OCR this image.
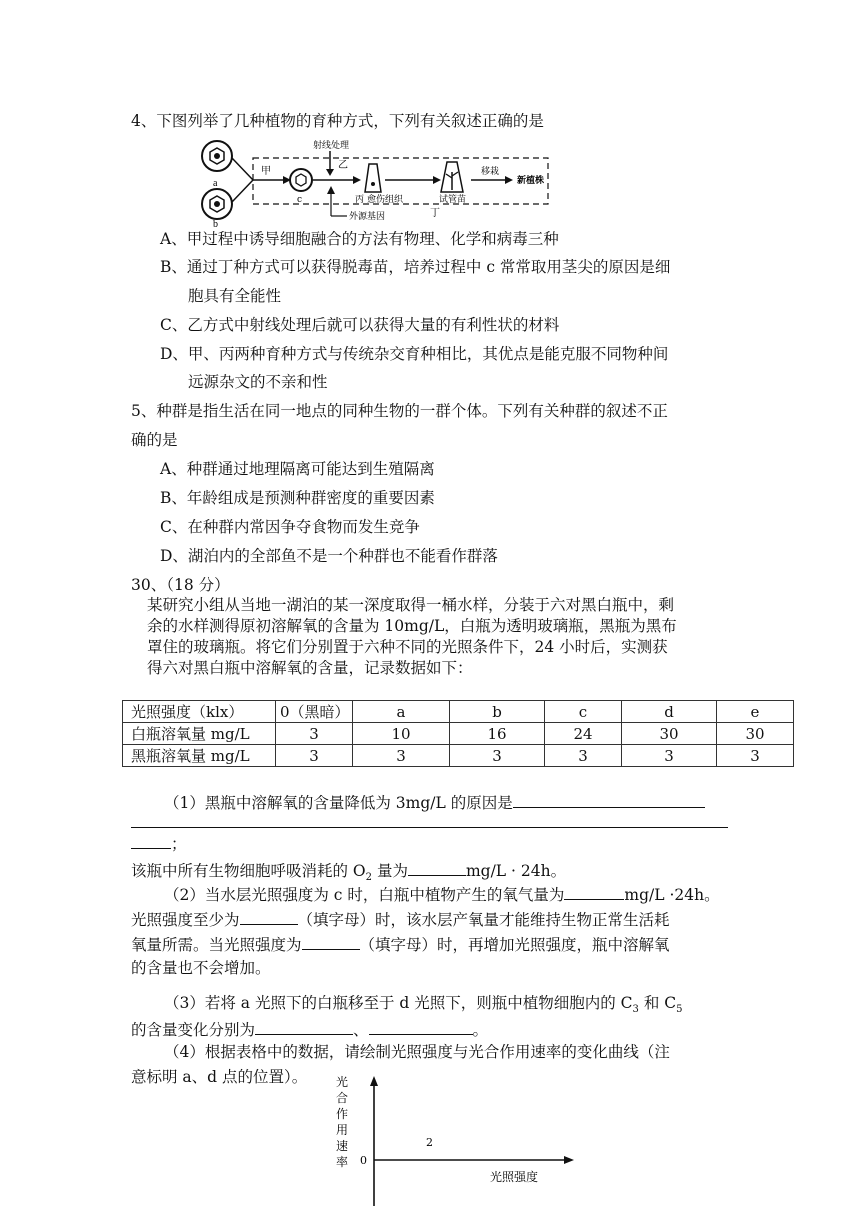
4、下图列举了几种植物的育种方式，下列有关叙述正确的是
a
b
甲
c
射线处理
乙
丙 愈伤组织
外源基因	丁
试管苗
移栽
新植株
A、甲过程中诱导细胞融合的方法有物理、化学和病毒三种
B、通过丁种方式可以获得脱毒苗，培养过程中 c 常常取用茎尖的原因是细
胞具有全能性
C、乙方式中射线处理后就可以获得大量的有利性状的材料
D、甲、丙两种育种方式与传统杂交育种相比，其优点是能克服不同物种间
远源杂文的不亲和性
5、种群是指生活在同一地点的同种生物的一群个体。下列有关种群的叙述不正
确的是
A、种群通过地理隔离可能达到生殖隔离
B、年龄组成是预测种群密度的重要因素
C、在种群内常因争夺食物而发生竞争
D、湖泊内的全部鱼不是一个种群也不能看作群落
30、（18 分）
某研究小组从当地一湖泊的某一深度取得一桶水样，分装于六对黑白瓶中，剩
余的水样测得原初溶解氧的含量为 10mg/L，白瓶为透明玻璃瓶，黑瓶为黑布
罩住的玻璃瓶。将它们分别置于六种不同的光照条件下，24 小时后，实测获
得六对黑白瓶中溶解氧的含量，记录数据如下：
光照强度（klx）	0（黑暗）	a	b	c	d	e
白瓶溶氧量 mg/L	3	10	16	24	30	30
黑瓶溶氧量 mg/L	3	3	3	3	3	3
（1）黑瓶中溶解氧的含量降低为 3mg/L 的原因是
；
该瓶中所有生物细胞呼吸消耗的 $O_2$ 量为	mg/L · 24h。
（2）当水层光照强度为 c 时，白瓶中植物产生的氧气量为	mg/L ·24h。
光照强度至少为	（填字母）时，该水层产氧量才能维持生物正常生活耗
氧量所需。当光照强度为	（填字母）时，再增加光照强度，瓶中溶解氧
的含量也不会增加。
（3）若将 a 光照下的白瓶移至于 d 光照下，则瓶中植物细胞内的 $C_3$ 和 $C_5$
的含量变化分别为	、	。
（4）根据表格中的数据，请绘制光照强度与光合作用速率的变化曲线（注
意标明 a、d 点的位置）。 光
合
作
用
速
率 0
2
光照强度
